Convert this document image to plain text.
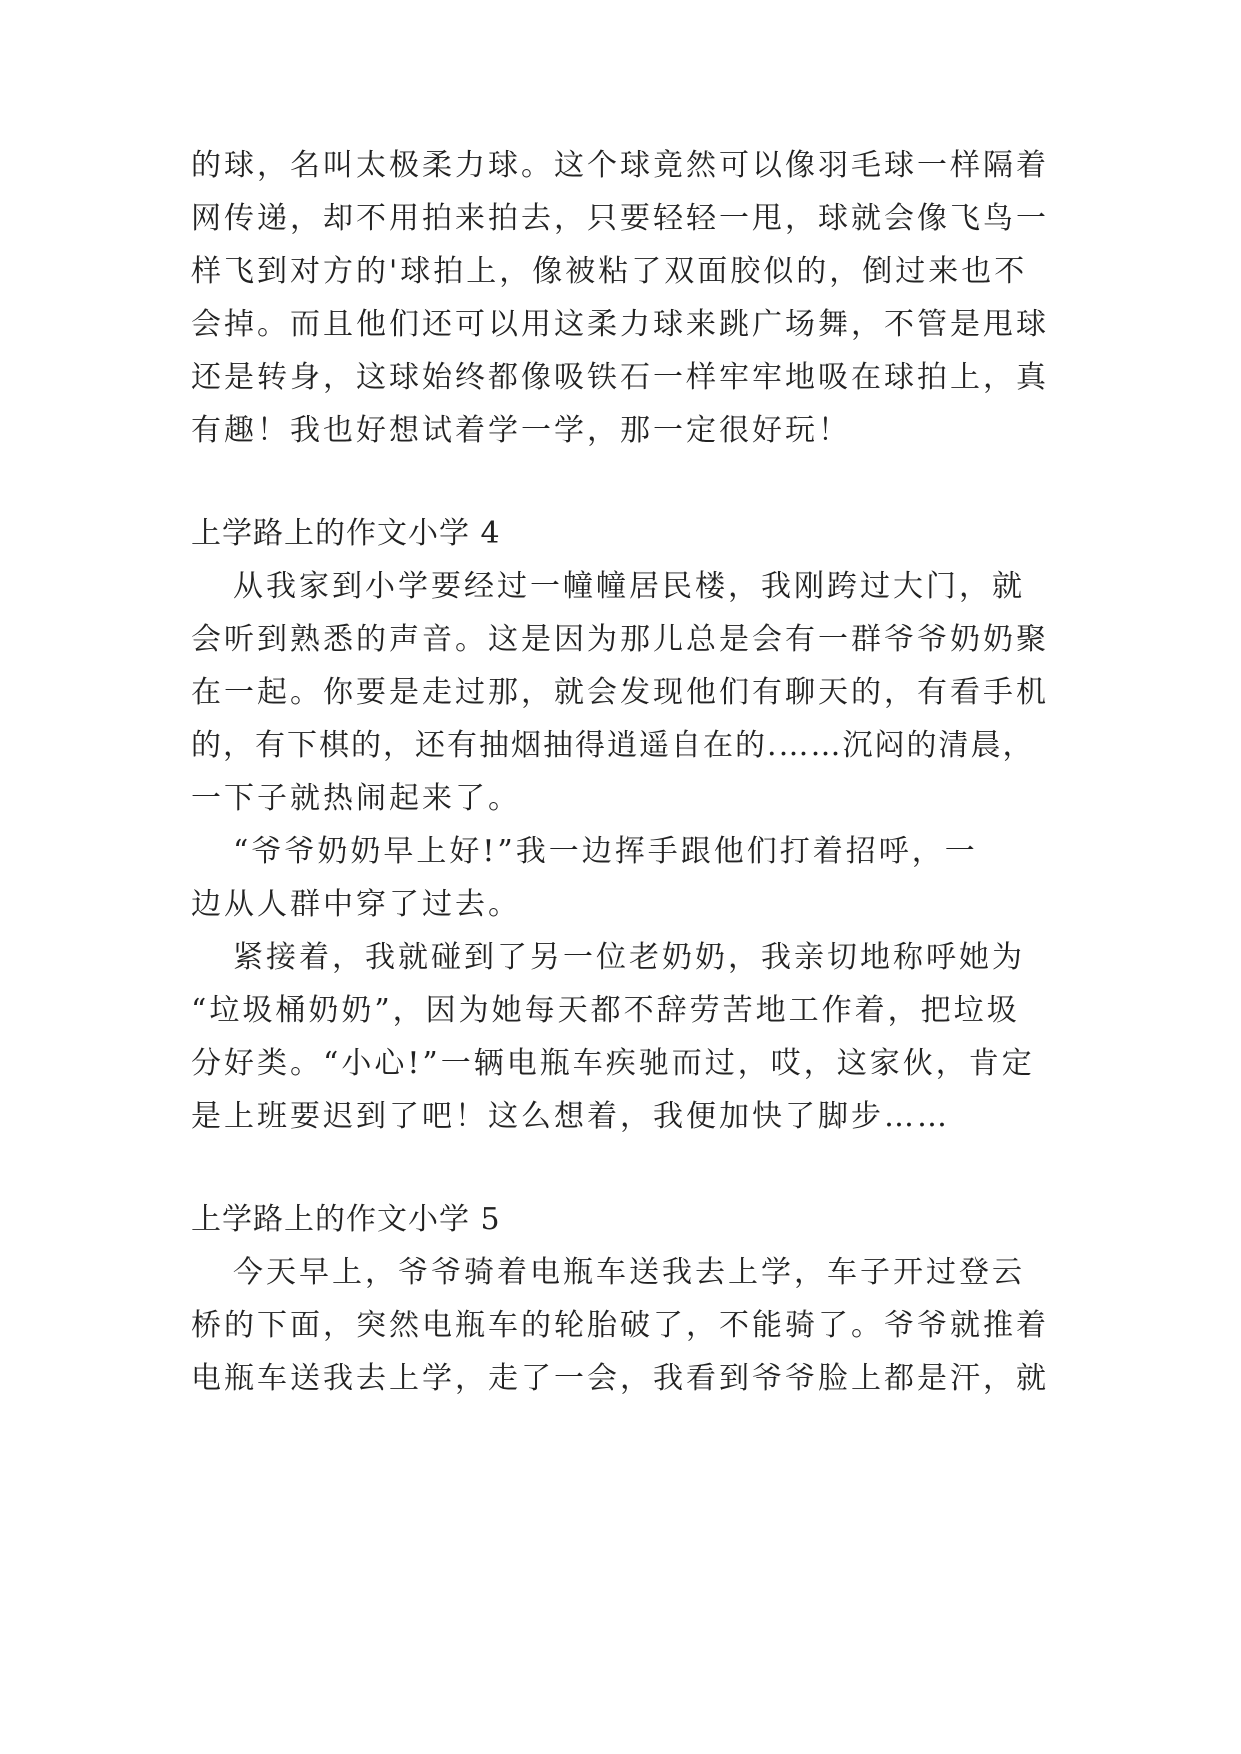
的球，名叫太极柔力球。这个球竟然可以像羽毛球一样隔着
网传递，却不用拍来拍去，只要轻轻一甩，球就会像飞鸟一
样飞到对方的'球拍上，像被粘了双面胶似的，倒过来也不
会掉。而且他们还可以用这柔力球来跳广场舞，不管是甩球
还是转身，这球始终都像吸铁石一样牢牢地吸在球拍上，真
有趣！我也好想试着学一学，那一定很好玩！
上学路上的作文小学 4
从我家到小学要经过一幢幢居民楼，我刚跨过大门，就
会听到熟悉的声音。这是因为那儿总是会有一群爷爷奶奶聚
在一起。你要是走过那，就会发现他们有聊天的，有看手机
的，有下棋的，还有抽烟抽得逍遥自在的.……沉闷的清晨，
一下子就热闹起来了。
“爷爷奶奶早上好!”我一边挥手跟他们打着招呼，一
边从人群中穿了过去。
紧接着，我就碰到了另一位老奶奶，我亲切地称呼她为
“垃圾桶奶奶”，因为她每天都不辞劳苦地工作着，把垃圾
分好类。“小心!”一辆电瓶车疾驰而过，哎，这家伙，肯定
是上班要迟到了吧！这么想着，我便加快了脚步……
上学路上的作文小学 5
今天早上，爷爷骑着电瓶车送我去上学，车子开过登云
桥的下面，突然电瓶车的轮胎破了，不能骑了。爷爷就推着
电瓶车送我去上学，走了一会，我看到爷爷脸上都是汗，就
